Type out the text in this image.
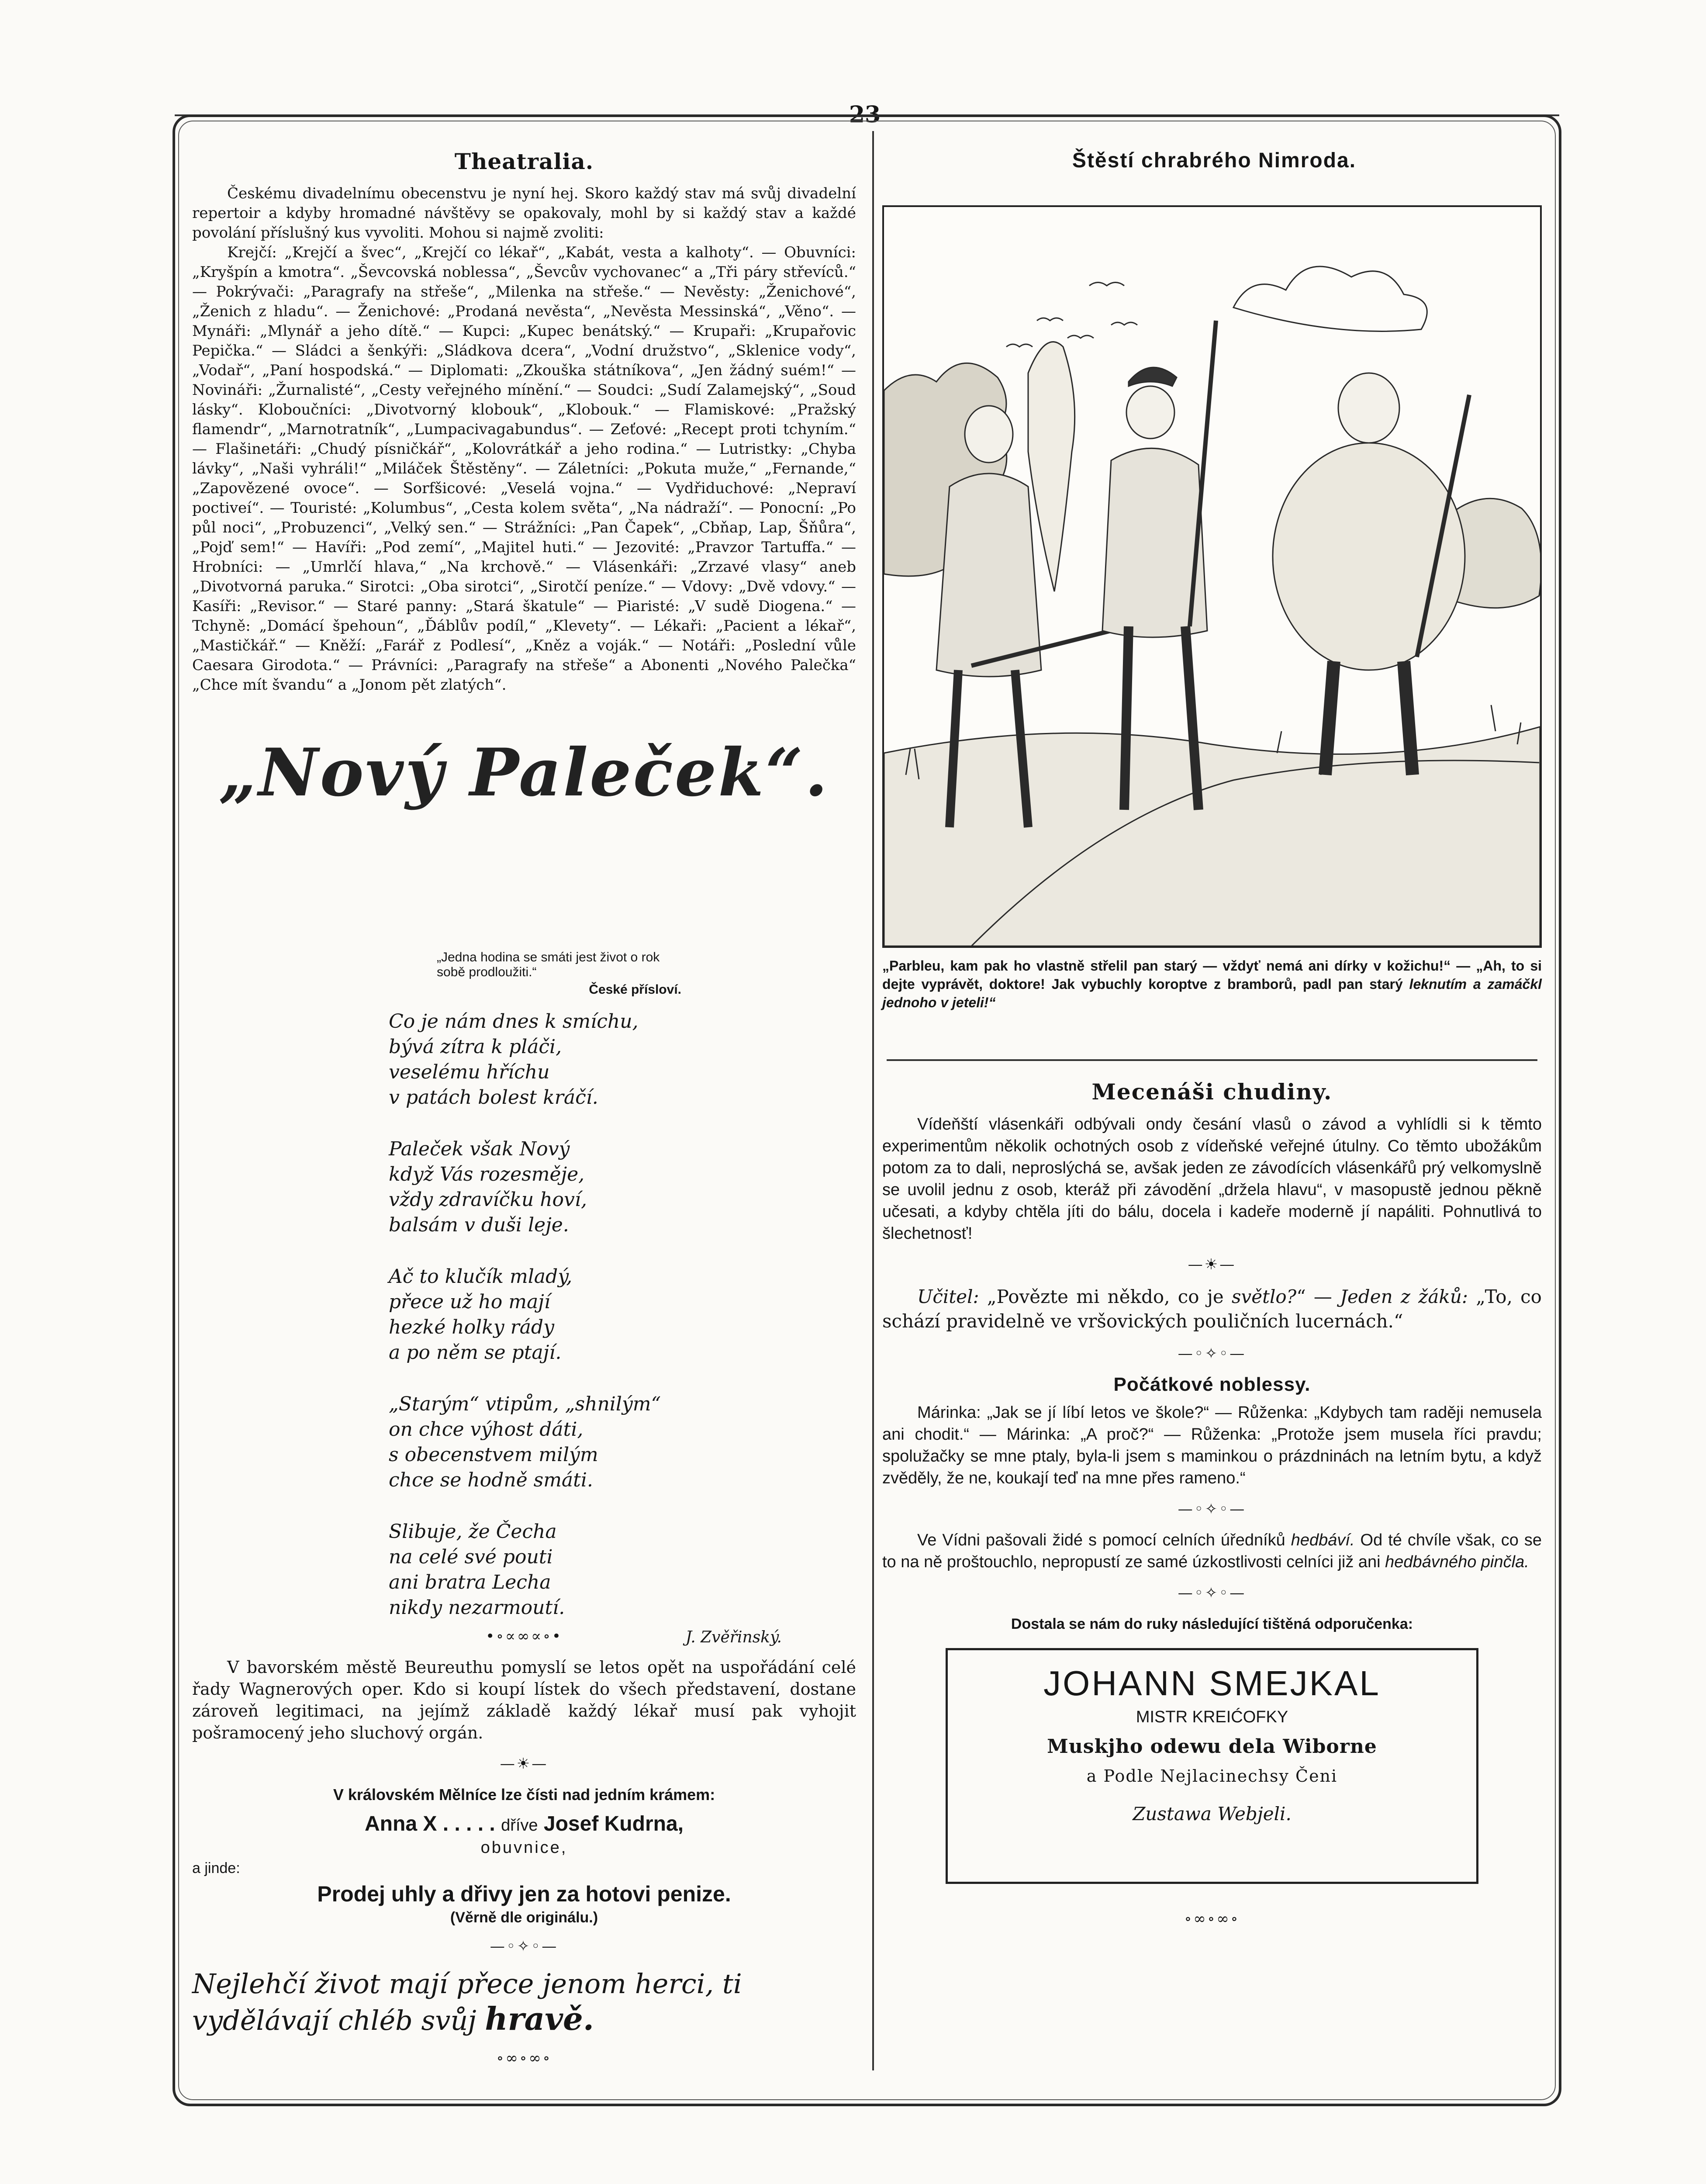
23
Theatralia.

Českému divadelnímu obecenstvu je nyní hej. Skoro každý stav má svůj divadelní repertoir a kdyby hromadné návštěvy se opakovaly, mohl by si každý stav a každé povolání příslušný kus vyvoliti. Mohou si najmě zvoliti:

Krejčí: „Krejčí a švec“, „Krejčí co lékař“, „Kabát, vesta a kalhoty“. — Obuvníci: „Kryšpín a kmotra“. „Ševcovská noblessa“, „Ševcův vychovanec“ a „Tři páry střevíců.“ — Pokrývači: „Paragrafy na střeše“, „Milenka na střeše.“ — Nevěsty: „Ženichové“, „Ženich z hladu“. — Ženichové: „Prodaná nevěsta“, „Nevěsta Messinská“, „Věno“. — Mynáři: „Mlynář a jeho dítě.“ — Kupci: „Kupec benátský.“ — Krupaři: „Krupařovic Pepička.“ — Sládci a šenkýři: „Sládkova dcera“, „Vodní družstvo“, „Sklenice vody“, „Vodař“, „Paní hospodská.“ — Diplomati: „Zkouška státníkova“, „Jen žádný suém!“ — Novináři: „Žurnalisté“, „Cesty veřejného mínění.“ — Soudci: „Sudí Zalamejský“, „Soud lásky“. Kloboučníci: „Divotvorný klobouk“, „Klobouk.“ — Flamiskové: „Pražský flamendr“, „Marnotratník“, „Lumpacivagabundus“. — Zeťové: „Recept proti tchyním.“ — Flašinetáři: „Chudý písničkář“, „Kolovrátkář a jeho rodina.“ — Lutristky: „Chyba lávky“, „Naši vyhráli!“ „Miláček Štěstěny“. — Záletníci: „Pokuta muže,“ „Fernande,“ „Zapovězené ovoce“. — Sorfšicové: „Veselá vojna.“ — Vydřiduchové: „Nepraví poctiveí“. — Touristé: „Kolumbus“, „Cesta kolem světa“, „Na nádraží“. — Ponocní: „Po půl noci“, „Probuzenci“, „Velký sen.“ — Strážníci: „Pan Čapek“, „Cbňap, Lap, Šňůra“, „Pojď sem!“ — Havíři: „Pod zemí“, „Majitel huti.“ — Jezovité: „Pravzor Tartuffa.“ — Hrobníci: — „Umrlčí hlava,“ „Na krchově.“ — Vlásenkáři: „Zrzavé vlasy“ aneb „Divotvorná paruka.“ Sirotci: „Oba sirotci“, „Sirotčí peníze.“ — Vdovy: „Dvě vdovy.“ — Kasíři: „Revisor.“ — Staré panny: „Stará škatule“ — Piaristé: „V sudě Diogena.“ — Tchyně: „Domácí špehoun“, „Ďáblův podíl,“ „Klevety“. — Lékaři: „Pacient a lékař“, „Mastičkář.“ — Kněží: „Farář z Podlesí“, „Kněz a voják.“ — Notáři: „Poslední vůle Caesara Girodota.“ — Právníci: „Paragrafy na střeše“ a Abonenti „Nového Palečka“ „Chce mít švandu“ a „Jonom pět zlatých“.

„Nový Paleček“.
„Jedna hodina se smáti jest život o rok sobě prodloužiti.“
České přísloví.
Co je nám dnes k smíchu,
bývá zítra k pláči,
veselému hříchu
v patách bolest kráčí.
Paleček však Nový
když Vás rozesměje,
vždy zdravíčku hoví,
balsám v duši leje.
Ač to klučík mladý,
přece už ho mají
hezké holky rády
a po něm se ptají.
„Starým“ vtipům, „shnilým“
on chce výhost dáti,
s obecenstvem milým
chce se hodně smáti.
Slibuje, že Čecha
na celé své pouti
ani bratra Lecha
nikdy nezarmoutí.
J. Zvěřinský.
•∘∝∞∝∘•

V bavorském městě Beureuthu pomyslí se letos opět na uspořádání celé řady Wagnerových oper. Kdo si koupí lístek do všech představení, dostane zároveň legitimaci, na jejímž základě každý lékař musí pak vyhojit pošramocený jeho sluchový orgán.

—☀—

V královském Mělníce lze čísti nad jedním krámem:

Anna X . . . . . dříve Josef Kudrna,
obuvnice,
a jinde:
Prodej uhly a dřivy jen za hotovi penize.
(Věrně dle originálu.)
—◦✧◦—

Nejlehčí život mají přece jenom herci, ti vydělávají chléb svůj hravě.

∘∞∘∞∘
Štěstí chrabrého Nimroda.
„Parbleu, kam pak ho vlastně střelil pan starý — vždyť nemá ani dírky v kožichu!“ — „Ah, to si dejte vyprávět, doktore! Jak vybuchly koroptve z bramborů, padl pan starý leknutím a zamáčkl jednoho v jeteli!“
Mecenáši chudiny.

Vídeňští vlásenkáři odbývali ondy česání vlasů o závod a vyhlídli si k těmto experimentům několik ochotných osob z vídeňské veřejné útulny. Co těmto ubožákům potom za to dali, neproslýchá se, avšak jeden ze závodících vlásenkářů prý velkomyslně se uvolil jednu z osob, kteráž při závodění „držela hlavu“, v masopustě jednou pěkně učesati, a kdyby chtěla jíti do bálu, docela i kadeře moderně jí napáliti. Pohnutlivá to šlechetnosť!

—☀—

Učitel: „Povězte mi někdo, co je světlo?“ — Jeden z žáků: „To, co schází pravidelně ve vršovických pouličních lucernách.“

—◦✧◦—
Počátkové noblessy.

Márinka: „Jak se jí líbí letos ve škole?“ — Růženka: „Kdybych tam raději nemusela ani chodit.“ — Márinka: „A proč?“ — Růženka: „Protože jsem musela říci pravdu; spolužačky se mne ptaly, byla-li jsem s maminkou o prázdninách na letním bytu, a když zvěděly, že ne, koukají teď na mne přes rameno.“

—◦✧◦—

Ve Vídni pašovali židé s pomocí celních úředníků hedbáví. Od té chvíle však, co se to na ně proštouchlo, nepropustí ze samé úzkostlivosti celníci již ani hedbávného pinčla.

—◦✧◦—

Dostala se nám do ruky následující tištěná odporučenka:

JOHANN SMEJKAL
MISTR KREIĆOFKY
Muskjho odewu dela Wiborne
a Podle Nejlacinechsy Čeni
Zustawa Webjeli.
∘∞∘∞∘
